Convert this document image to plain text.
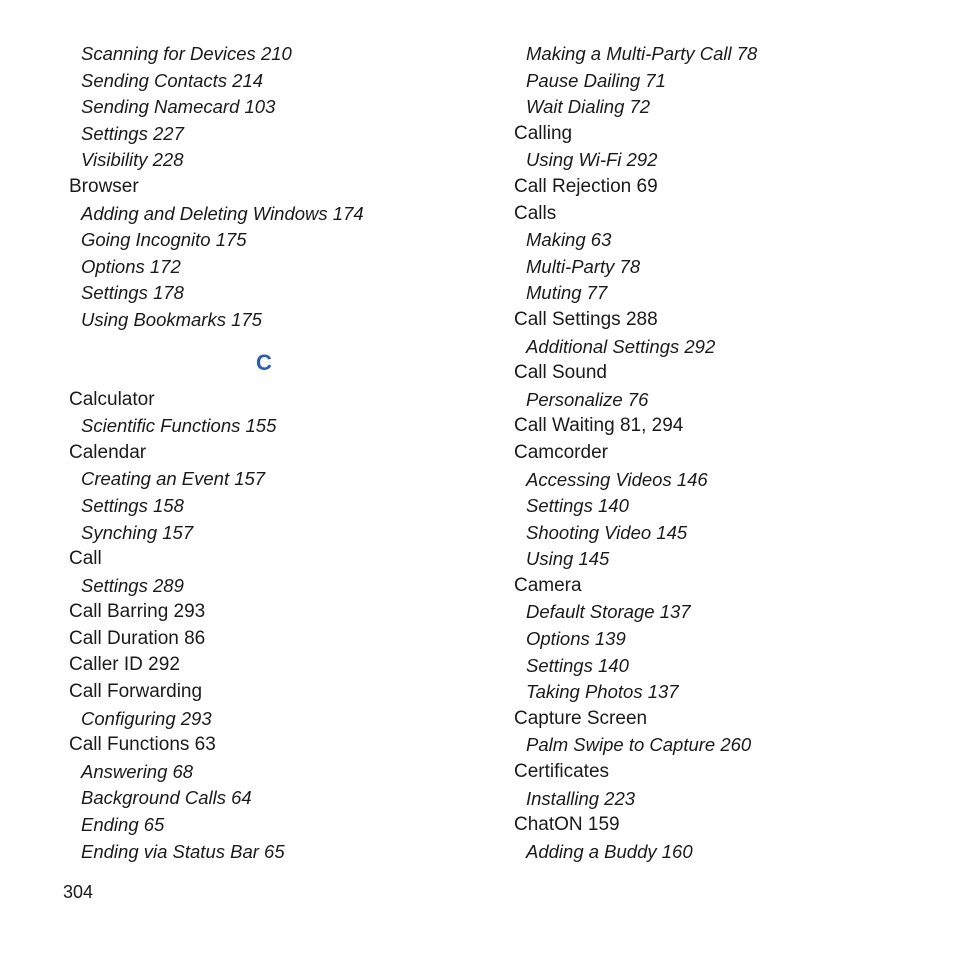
Scanning for Devices 210
Sending Contacts 214
Sending Namecard 103
Settings 227
Visibility 228
Browser
Adding and Deleting Windows 174
Going Incognito 175
Options 172
Settings 178
Using Bookmarks 175
C
Calculator
Scientific Functions 155
Calendar
Creating an Event 157
Settings 158
Synching 157
Call
Settings 289
Call Barring 293
Call Duration 86
Caller ID 292
Call Forwarding
Configuring 293
Call Functions 63
Answering 68
Background Calls 64
Ending 65
Ending via Status Bar 65
Making a Multi-Party Call 78
Pause Dailing 71
Wait Dialing 72
Calling
Using Wi-Fi 292
Call Rejection 69
Calls
Making 63
Multi-Party 78
Muting 77
Call Settings 288
Additional Settings 292
Call Sound
Personalize 76
Call Waiting 81, 294
Camcorder
Accessing Videos 146
Settings 140
Shooting Video 145
Using 145
Camera
Default Storage 137
Options 139
Settings 140
Taking Photos 137
Capture Screen
Palm Swipe to Capture 260
Certificates
Installing 223
ChatON 159
Adding a Buddy 160
304
